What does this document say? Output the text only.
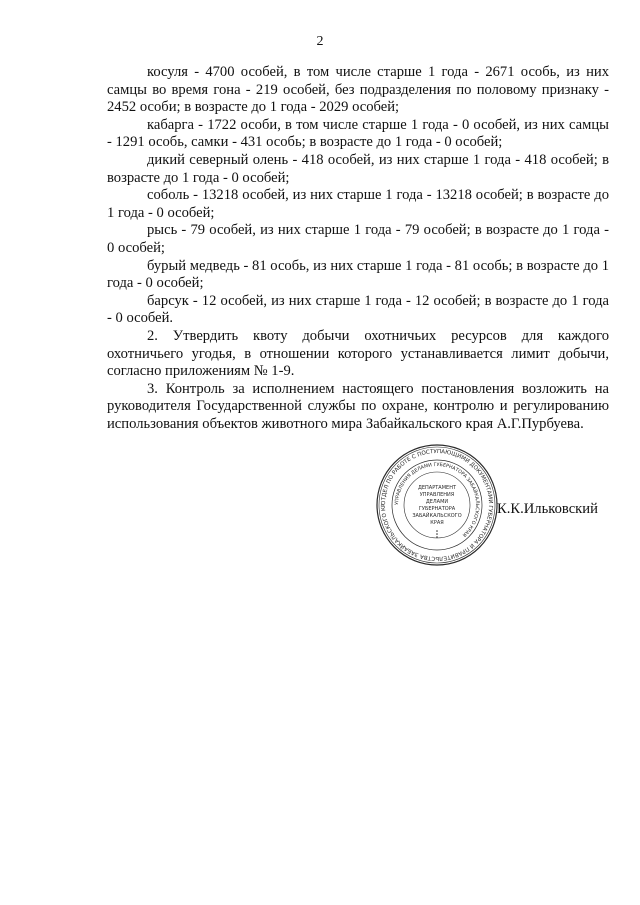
2

косуля - 4700 особей, в том числе старше 1 года - 2671 особь, из них самцы во время гона - 219 особей, без подразделения по половому признаку - 2452 особи; в возрасте до 1 года - 2029 особей;

кабарга - 1722 особи, в том числе старше 1 года - 0 особей, из них самцы - 1291 особь, самки - 431 особь; в возрасте до 1 года - 0 особей;

дикий северный олень - 418 особей, из них старше 1 года - 418 особей; в возрасте до 1 года - 0 особей;

соболь - 13218 особей, из них старше 1 года - 13218 особей; в возрасте до 1 года - 0 особей;

рысь - 79 особей, из них старше 1 года - 79 особей; в возрасте до 1 года - 0 особей;

бурый медведь - 81 особь, из них старше 1 года - 81 особь; в возрасте до 1 года - 0 особей;

барсук - 12 особей, из них старше 1 года - 12 особей; в возрасте до 1 года - 0 особей.

2. Утвердить квоту добычи охотничьих ресурсов для каждого охотничьего угодья, в отношении которого устанавливается лимит добычи, согласно приложениям № 1-9.

3. Контроль за исполнением настоящего постановления возложить на руководителя Государственной службы по охране, контролю и регулированию использования объектов животного мира Забайкальского края А.Г.Пурбуева.

ОТДЕЛ ПО РАБОТЕ С ПОСТУПАЮЩИМИ ДОКУМЕНТАМИ ГУБЕРНАТОРА И ПРАВИТЕЛЬСТВА ЗАБАЙКАЛЬСКОГО КР
УПРАВЛЕНИЯ ДЕЛАМИ ГУБЕРНАТОРА ЗАБАЙКАЛЬСКОГО КРАЯ
ДЕПАРТАМЕНТ
УПРАВЛЕНИЯ
ДЕЛАМИ
ГУБЕРНАТОРА
ЗАБАЙКАЛЬСКОГО
КРАЯ
К.К.Ильковский
